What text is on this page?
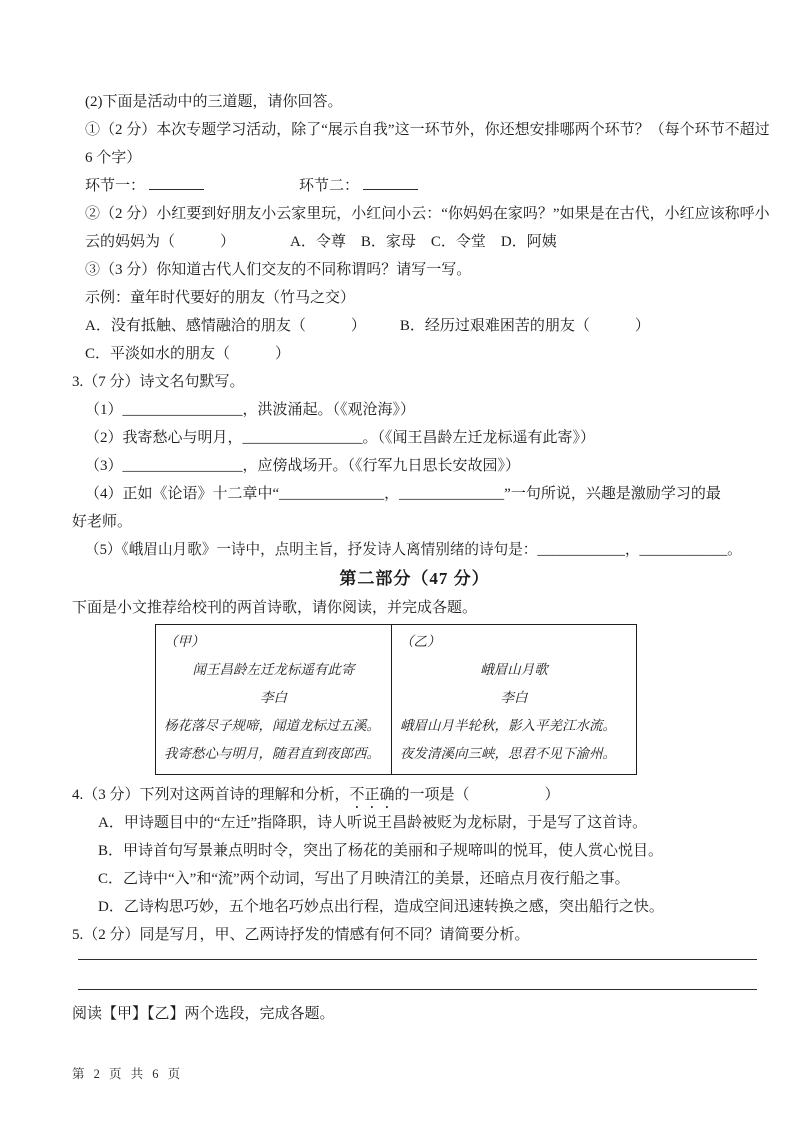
(2)下面是活动中的三道题，请你回答。
①（2 分）本次专题学习活动，除了“展示自我”这一环节外，你还想安排哪两个环节？（每个环节不超过
6 个字）
环节一：	环节二：
②（2 分）小红要到好朋友小云家里玩，小红问小云：“你妈妈在家吗？”如果是在古代，小红应该称呼小
云的妈妈为（　　　）	A．令尊　B．家母　C．令堂　D．阿姨
③（3 分）你知道古代人们交友的不同称谓吗？请写一写。
示例：童年时代要好的朋友（竹马之交）
A．没有抵触、感情融洽的朋友（　　　） B．经历过艰难困苦的朋友（　　　）
C．平淡如水的朋友（　　　）
3.（7 分）诗文名句默写。
（1）________________，洪波涌起。（《观沧海》）
（2）我寄愁心与明月，________________。（《闻王昌龄左迁龙标遥有此寄》）
（3）________________，应傍战场开。（《行军九日思长安故园》）
（4）正如《论语》十二章中“______________，______________”一句所说，兴趣是激励学习的最
好老师。
（5）《峨眉山月歌》一诗中，点明主旨，抒发诗人离情别绪的诗句是：____________，____________。
第二部分（47 分）
下面是小文推荐给校刊的两首诗歌，请你阅读，并完成各题。
（甲）
闻王昌龄左迁龙标遥有此寄
李白
杨花落尽子规啼，闻道龙标过五溪。
我寄愁心与明月，随君直到夜郎西。
（乙）
峨眉山月歌
李白
峨眉山月半轮秋，影入平羌江水流。
夜发清溪向三峡，思君不见下渝州。
4.（3 分）下列对这两首诗的理解和分析，不正确的一项是（　　　　　）
A．甲诗题目中的“左迁”指降职，诗人听说王昌龄被贬为龙标尉，于是写了这首诗。
B．甲诗首句写景兼点明时令，突出了杨花的美丽和子规啼叫的悦耳，使人赏心悦目。
C．乙诗中“入”和“流”两个动词，写出了月映清江的美景，还暗点月夜行船之事。
D．乙诗构思巧妙，五个地名巧妙点出行程，造成空间迅速转换之感，突出船行之快。
5.（2 分）同是写月，甲、乙两诗抒发的情感有何不同？请简要分析。
阅读【甲】【乙】两个选段，完成各题。
第 2 页 共 6 页
